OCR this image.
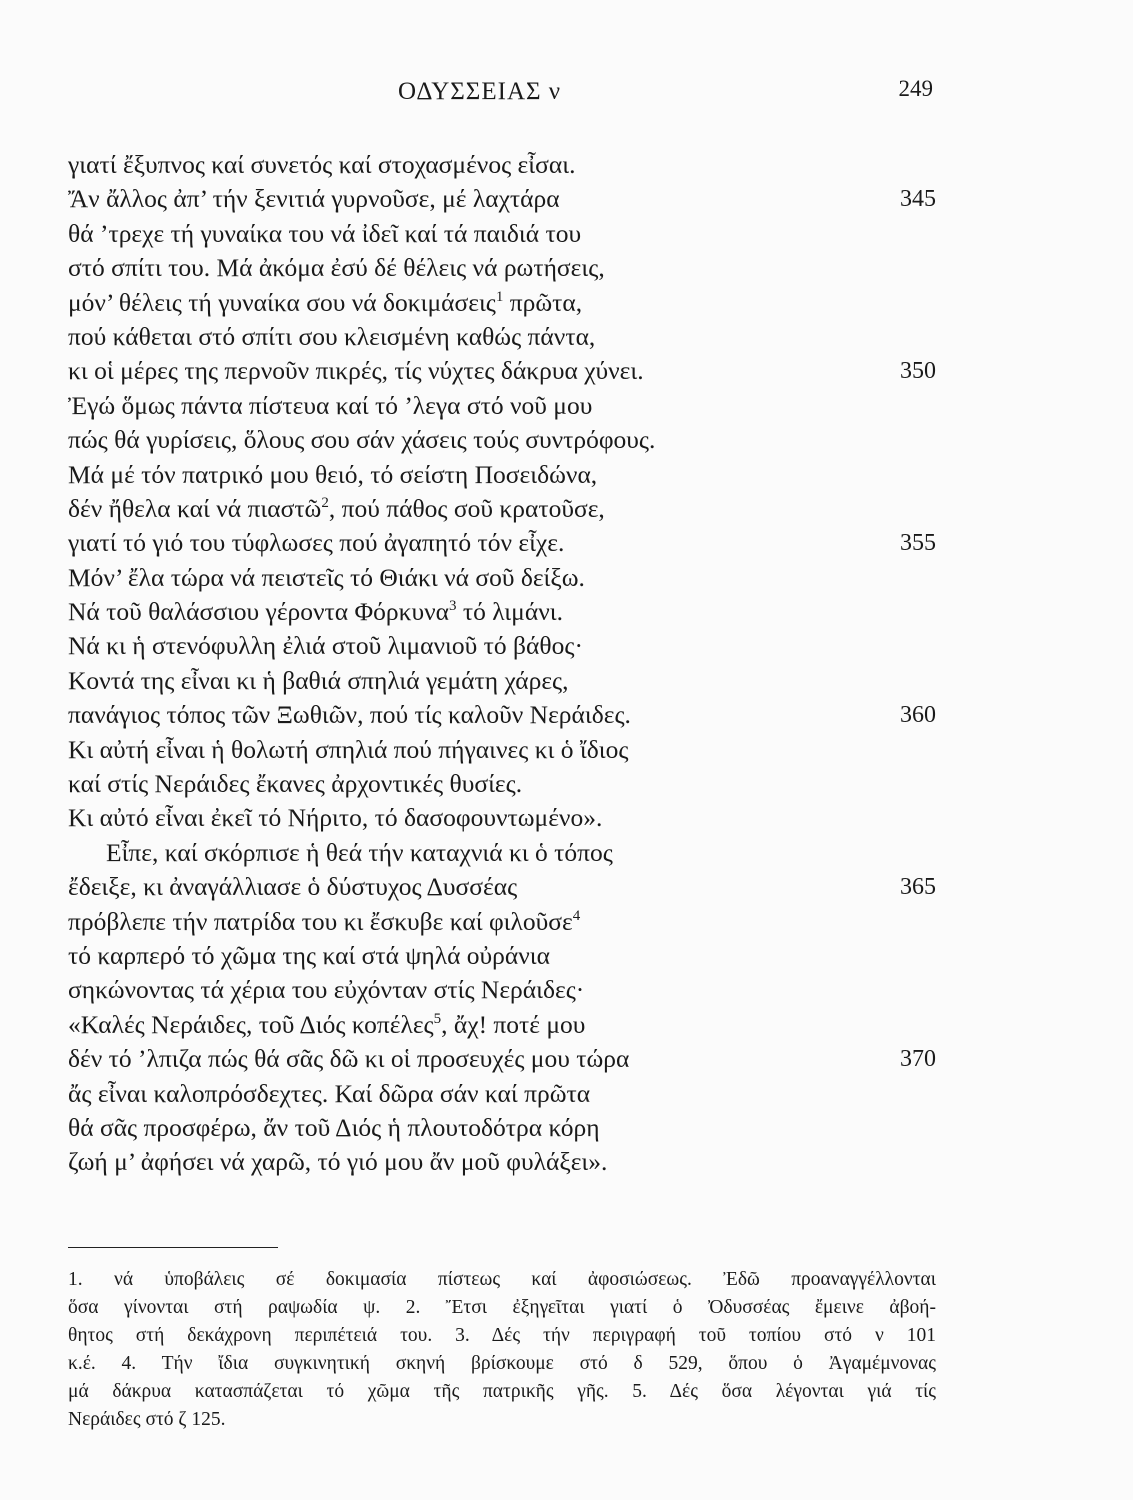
ΟΔΥΣΣΕΙΑΣ ν	249
γιατί ἔξυπνος καί συνετός καί στοχασμένος εἶσαι.
Ἄν ἄλλος ἀπ’ τήν ξενιτιά γυρνοῦσε, μέ λαχτάρα	345
θά ’τρεχε τή γυναίκα του νά ἰδεῖ καί τά παιδιά του
στό σπίτι του. Μά ἀκόμα ἐσύ δέ θέλεις νά ρωτήσεις,
μόν’ θέλεις τή γυναίκα σου νά δοκιμάσεις$^1$ πρῶτα,
πού κάθεται στό σπίτι σου κλεισμένη καθώς πάντα,
κι οἱ μέρες της περνοῦν πικρές, τίς νύχτες δάκρυα χύνει.	350
Ἐγώ ὅμως πάντα πίστευα καί τό ’λεγα στό νοῦ μου
πώς θά γυρίσεις, ὅλους σου σάν χάσεις τούς συντρόφους.
Μά μέ τόν πατρικό μου θειό, τό σείστη Ποσειδώνα,
δέν ἤθελα καί νά πιαστῶ$^2$, πού πάθος σοῦ κρατοῦσε,
γιατί τό γιό του τύφλωσες πού ἀγαπητό τόν εἶχε.	355
Μόν’ ἔλα τώρα νά πειστεῖς τό Θιάκι νά σοῦ δείξω.
Νά τοῦ θαλάσσιου γέροντα Φόρκυνα$^3$ τό λιμάνι.
Νά κι ἡ στενόφυλλη ἐλιά στοῦ λιμανιοῦ τό βάθος·
Κοντά της εἶναι κι ἡ βαθιά σπηλιά γεμάτη χάρες,
πανάγιος τόπος τῶν Ξωθιῶν, πού τίς καλοῦν Νεράιδες.	360
Κι αὐτή εἶναι ἡ θολωτή σπηλιά πού πήγαινες κι ὁ ἴδιος
καί στίς Νεράιδες ἔκανες ἀρχοντικές θυσίες.
Κι αὐτό εἶναι ἐκεῖ τό Νήριτο, τό δασοφουντωμένο».
Εἶπε, καί σκόρπισε ἡ θεά τήν καταχνιά κι ὁ τόπος
ἔδειξε, κι ἀναγάλλιασε ὁ δύστυχος Δυσσέας	365
πρόβλεπε τήν πατρίδα του κι ἔσκυβε καί φιλοῦσε$^4$
τό καρπερό τό χῶμα της καί στά ψηλά οὐράνια
σηκώνοντας τά χέρια του εὐχόνταν στίς Νεράιδες·
«Καλές Νεράιδες, τοῦ Διός κοπέλες$^5$, ἄχ! ποτέ μου
δέν τό ’λπιζα πώς θά σᾶς δῶ κι οἱ προσευχές μου τώρα	370
ἄς εἶναι καλοπρόσδεχτες. Καί δῶρα σάν καί πρῶτα
θά σᾶς προσφέρω, ἄν τοῦ Διός ἡ πλουτοδότρα κόρη
ζωή μ’ ἀφήσει νά χαρῶ, τό γιό μου ἄν μοῦ φυλάξει».
1. νά ὑποβάλεις σέ δοκιμασία πίστεως καί ἀφοσιώσεως. Ἐδῶ προαναγγέλλονται
ὅσα γίνονται στή ραψωδία ψ. 2. Ἔτσι ἐξηγεῖται γιατί ὁ Ὀδυσσέας ἔμεινε ἀβοή-
θητος στή δεκάχρονη περιπέτειά του. 3. Δές τήν περιγραφή τοῦ τοπίου στό ν 101
κ.έ. 4. Τήν ἴδια συγκινητική σκηνή βρίσκουμε στό δ 529, ὅπου ὁ Ἀγαμέμνονας
μά δάκρυα κατασπάζεται τό χῶμα τῆς πατρικῆς γῆς. 5. Δές ὅσα λέγονται γιά τίς
Νεράιδες στό ζ 125.
